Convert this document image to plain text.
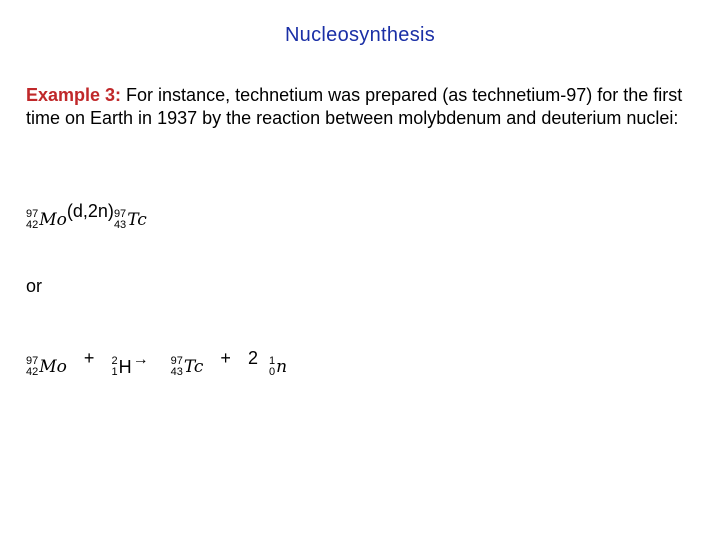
Nucleosynthesis
Example 3: For instance, technetium was prepared (as technetium-97) for the first time on Earth in 1937 by the reaction between molybdenum and deuterium nuclei:
97
42 Mo (d,2n) 97
43 Tc
or
97
42 Mo + 2
1 H → 97
43 Tc + 2 1
0 n
